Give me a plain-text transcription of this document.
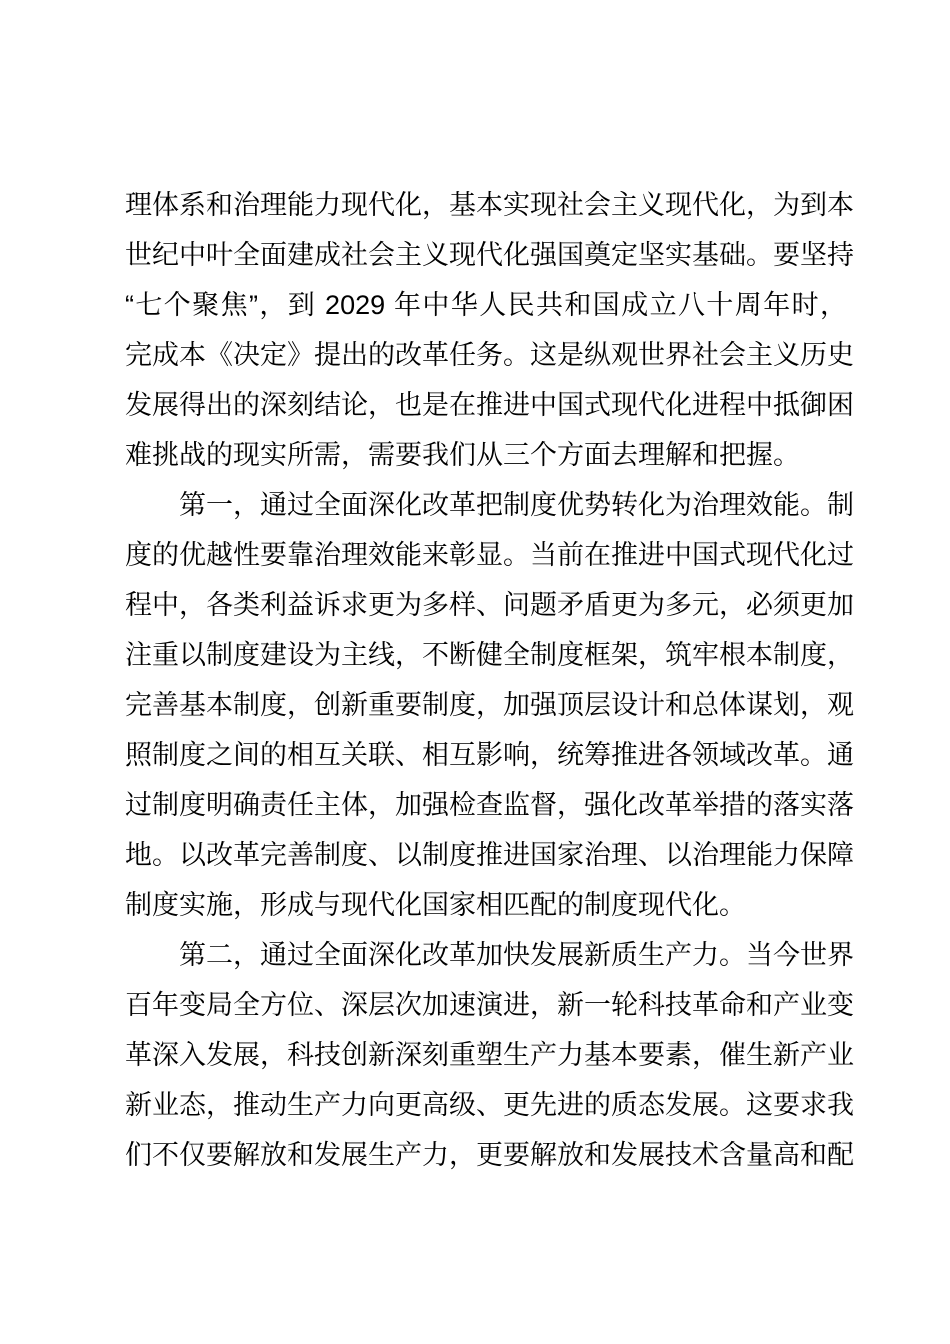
理体系和治理能力现代化，基本实现社会主义现代化，为到本
世纪中叶全面建成社会主义现代化强国奠定坚实基础。要坚持
“七个聚焦”，到 2029 年中华人民共和国成立八十周年时，
完成本《决定》提出的改革任务。这是纵观世界社会主义历史
发展得出的深刻结论，也是在推进中国式现代化进程中抵御困
难挑战的现实所需，需要我们从三个方面去理解和把握。
第一，通过全面深化改革把制度优势转化为治理效能。制
度的优越性要靠治理效能来彰显。当前在推进中国式现代化过
程中，各类利益诉求更为多样、问题矛盾更为多元，必须更加
注重以制度建设为主线，不断健全制度框架，筑牢根本制度，
完善基本制度，创新重要制度，加强顶层设计和总体谋划，观
照制度之间的相互关联、相互影响，统筹推进各领域改革。通
过制度明确责任主体，加强检查监督，强化改革举措的落实落
地。以改革完善制度、以制度推进国家治理、以治理能力保障
制度实施，形成与现代化国家相匹配的制度现代化。
第二，通过全面深化改革加快发展新质生产力。当今世界
百年变局全方位、深层次加速演进，新一轮科技革命和产业变
革深入发展，科技创新深刻重塑生产力基本要素，催生新产业
新业态，推动生产力向更高级、更先进的质态发展。这要求我
们不仅要解放和发展生产力，更要解放和发展技术含量高和配
